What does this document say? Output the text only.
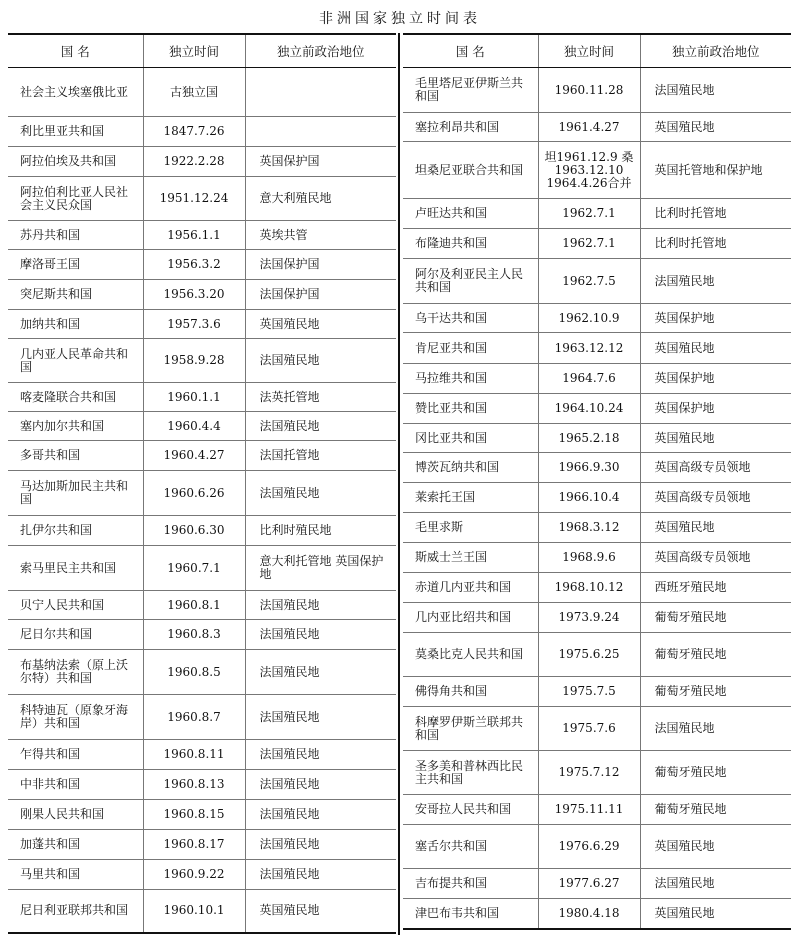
非洲国家独立时间表
国 名	独立时间	独立前政治地位
社会主义埃塞俄比亚	古独立国	
利比里亚共和国	1847.7.26	
阿拉伯埃及共和国	1922.2.28	英国保护国
阿拉伯利比亚人民社会主义民众国	1951.12.24	意大利殖民地
苏丹共和国	1956.1.1	英埃共管
摩洛哥王国	1956.3.2	法国保护国
突尼斯共和国	1956.3.20	法国保护国
加纳共和国	1957.3.6	英国殖民地
几内亚人民革命共和国	1958.9.28	法国殖民地
喀麦隆联合共和国	1960.1.1	法英托管地
塞内加尔共和国	1960.4.4	法国殖民地
多哥共和国	1960.4.27	法国托管地
马达加斯加民主共和国	1960.6.26	法国殖民地
扎伊尔共和国	1960.6.30	比利时殖民地
索马里民主共和国	1960.7.1	意大利托管地 英国保护地
贝宁人民共和国	1960.8.1	法国殖民地
尼日尔共和国	1960.8.3	法国殖民地
布基纳法索（原上沃尔特）共和国	1960.8.5	法国殖民地
科特迪瓦（原象牙海岸）共和国	1960.8.7	法国殖民地
乍得共和国	1960.8.11	法国殖民地
中非共和国	1960.8.13	法国殖民地
刚果人民共和国	1960.8.15	法国殖民地
加蓬共和国	1960.8.17	法国殖民地
马里共和国	1960.9.22	法国殖民地
尼日利亚联邦共和国	1960.10.1	英国殖民地
国 名	独立时间	独立前政治地位
毛里塔尼亚伊斯兰共和国	1960.11.28	法国殖民地
塞拉利昂共和国	1961.4.27	英国殖民地
坦桑尼亚联合共和国	坦1961.12.9 桑1963.12.10 1964.4.26合并	英国托管地和保护地
卢旺达共和国	1962.7.1	比利时托管地
布隆迪共和国	1962.7.1	比利时托管地
阿尔及利亚民主人民共和国	1962.7.5	法国殖民地
乌干达共和国	1962.10.9	英国保护地
肯尼亚共和国	1963.12.12	英国殖民地
马拉维共和国	1964.7.6	英国保护地
赞比亚共和国	1964.10.24	英国保护地
冈比亚共和国	1965.2.18	英国殖民地
博茨瓦纳共和国	1966.9.30	英国高级专员领地
莱索托王国	1966.10.4	英国高级专员领地
毛里求斯	1968.3.12	英国殖民地
斯威士兰王国	1968.9.6	英国高级专员领地
赤道几内亚共和国	1968.10.12	西班牙殖民地
几内亚比绍共和国	1973.9.24	葡萄牙殖民地
莫桑比克人民共和国	1975.6.25	葡萄牙殖民地
佛得角共和国	1975.7.5	葡萄牙殖民地
科摩罗伊斯兰联邦共和国	1975.7.6	法国殖民地
圣多美和普林西比民主共和国	1975.7.12	葡萄牙殖民地
安哥拉人民共和国	1975.11.11	葡萄牙殖民地
塞舌尔共和国	1976.6.29	英国殖民地
吉布提共和国	1977.6.27	法国殖民地
津巴布韦共和国	1980.4.18	英国殖民地
